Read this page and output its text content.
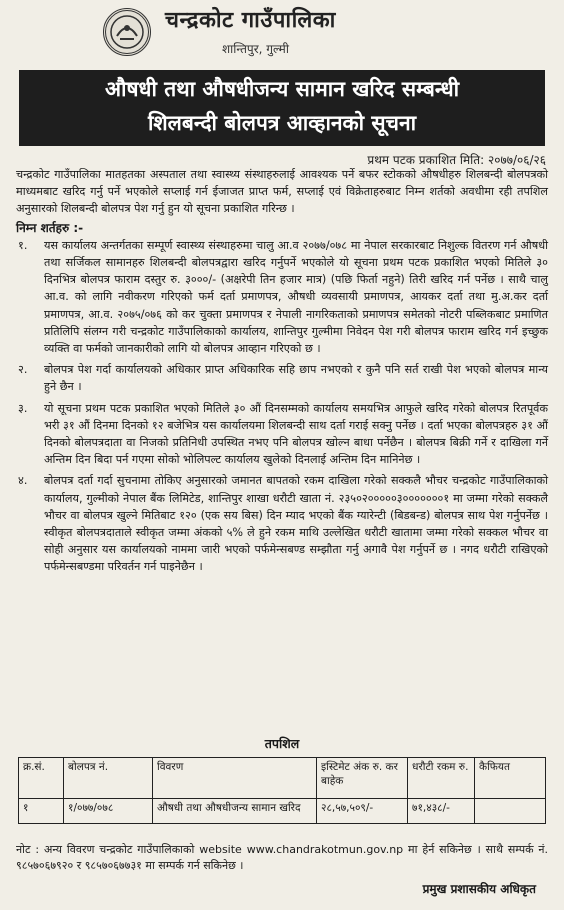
चन्द्रकोट गाउँपालिका
शान्तिपुर, गुल्मी
औषधी तथा औषधीजन्य सामान खरिद सम्बन्धी
शिलबन्दी बोलपत्र आव्हानको सूचना
प्रथम पटक प्रकाशित मिति: २०७७/०६/२६

चन्द्रकोट गाउँपालिका मातहतका अस्पताल तथा स्वास्थ्य संस्थाहरुलाई आवश्यक पर्ने बफर स्टोकको औषधीहरु शिलबन्दी बोलपत्रको माध्यमबाट खरिद गर्नु पर्ने भएकोले सप्लाई गर्न ईजाजत प्राप्त फर्म, सप्लाई एवं विक्रेताहरुबाट निम्न शर्तको अवधीमा रही तपशिल अनुसारको शिलबन्दी बोलपत्र पेश गर्नु हुन यो सूचना प्रकाशित गरिन्छ ।

निम्न शर्तहरु :-

१. यस कार्यालय अन्तर्गतका सम्पूर्ण स्वास्थ्य संस्थाहरुमा चालु आ.व २०७७/०७८ मा नेपाल सरकारबाट निशुल्क वितरण गर्न औषधी तथा सर्जिकल सामानहरु शिलबन्दी बोलपत्रद्वारा खरिद गर्नुपर्ने भएकोले यो सूचना प्रथम पटक प्रकाशित भएको मितिले ३० दिनभित्र बोलपत्र फाराम दस्तुर रु. ३०००/- (अक्षरेपी तिन हजार मात्र) (पछि फिर्ता नहुने) तिरी खरिद गर्न पर्नेछ । साथै चालु आ.व. को लागि नवीकरण गरिएको फर्म दर्ता प्रमाणपत्र, औषधी व्यवसायी प्रमाणपत्र, आयकर दर्ता तथा मु.अ.कर दर्ता प्रमाणपत्र, आ.व. २०७५/०७६ को कर चुक्ता प्रमाणपत्र र नेपाली नागरिकताको प्रमाणपत्र समेतको नोटरी पब्लिकबाट प्रमाणित प्रतिलिपि संलग्न गरी चन्द्रकोट गाउँपालिकाको कार्यालय, शान्तिपुर गुल्मीमा निवेदन पेश गरी बोलपत्र फाराम खरिद गर्न इच्छुक व्यक्ति वा फर्मको जानकारीको लागि यो बोलपत्र आव्हान गरिएको छ ।
२. बोलपत्र पेश गर्दा कार्यालयको अधिकार प्राप्त अधिकारिक सहि छाप नभएको र कुनै पनि सर्त राखी पेश भएको बोलपत्र मान्य हुने छैन ।
३. यो सूचना प्रथम पटक प्रकाशित भएको मितिले ३० औं दिनसम्मको कार्यालय समयभित्र आफुले खरिद गरेको बोलपत्र रितपूर्वक भरी ३१ औं दिनमा दिनको १२ बजेभित्र यस कार्यालयमा शिलबन्दी साथ दर्ता गराई सक्नु पर्नेछ । दर्ता भएका बोलपत्रहरु ३१ औं दिनको बोलपत्रदाता वा निजको प्रतिनिधी उपस्थित नभए पनि बोलपत्र खोल्न बाधा पर्नेछैन । बोलपत्र बिक्री गर्ने र दाखिला गर्ने अन्तिम दिन बिदा पर्न गएमा सोको भोलिपल्ट कार्यालय खुलेको दिनलाई अन्तिम दिन मानिनेछ ।
४. बोलपत्र दर्ता गर्दा सुचनामा तोकिए अनुसारको जमानत बापतको रकम दाखिला गरेको सक्कलै भौचर चन्द्रकोट गाउँपालिकाको कार्यालय, गुल्मीको नेपाल बैंक लिमिटेड, शान्तिपुर शाखा धरौटी खाता नं. २३५०२०००००३०००००००१ मा जम्मा गरेको सक्कलै भौचर वा बोलपत्र खुल्ने मितिबाट १२० (एक सय बिस) दिन म्याद भएको बैंक ग्यारेन्टी (बिडबन्ड) बोलपत्र साथ पेश गर्नुपर्नेछ । स्वीकृत बोलपत्रदाताले स्वीकृत जम्मा अंकको ५% ले हुने रकम माथि उल्लेखित धरौटी खातामा जम्मा गरेको सक्कल भौचर वा सोही अनुसार यस कार्यालयको नाममा जारी भएको पर्फमेन्सबण्ड सम्झौता गर्नु अगावै पेश गर्नुपर्ने छ । नगद धरौटी राखिएको पर्फमेन्सबण्डमा परिवर्तन गर्न पाइनेछैन ।
तपशिल
क्र.सं.	बोलपत्र नं.	विवरण	इस्टिमेट अंक रु. कर बाहेक	धरौटी रकम रु.	कैफियत
१	१/०७७/०७८	औषधी तथा औषधीजन्य सामान खरिद	२८,५७,५०९/-	७१,४३८/-	
नोट : अन्य विवरण चन्द्रकोट गाउँपालिकाको website www.chandrakotmun.gov.np मा हेर्न सकिनेछ । साथै सम्पर्क नं. ९८५७०६७९२० र ९८५७०६७७३१ मा सम्पर्क गर्न सकिनेछ ।
प्रमुख प्रशासकीय अधिकृत
